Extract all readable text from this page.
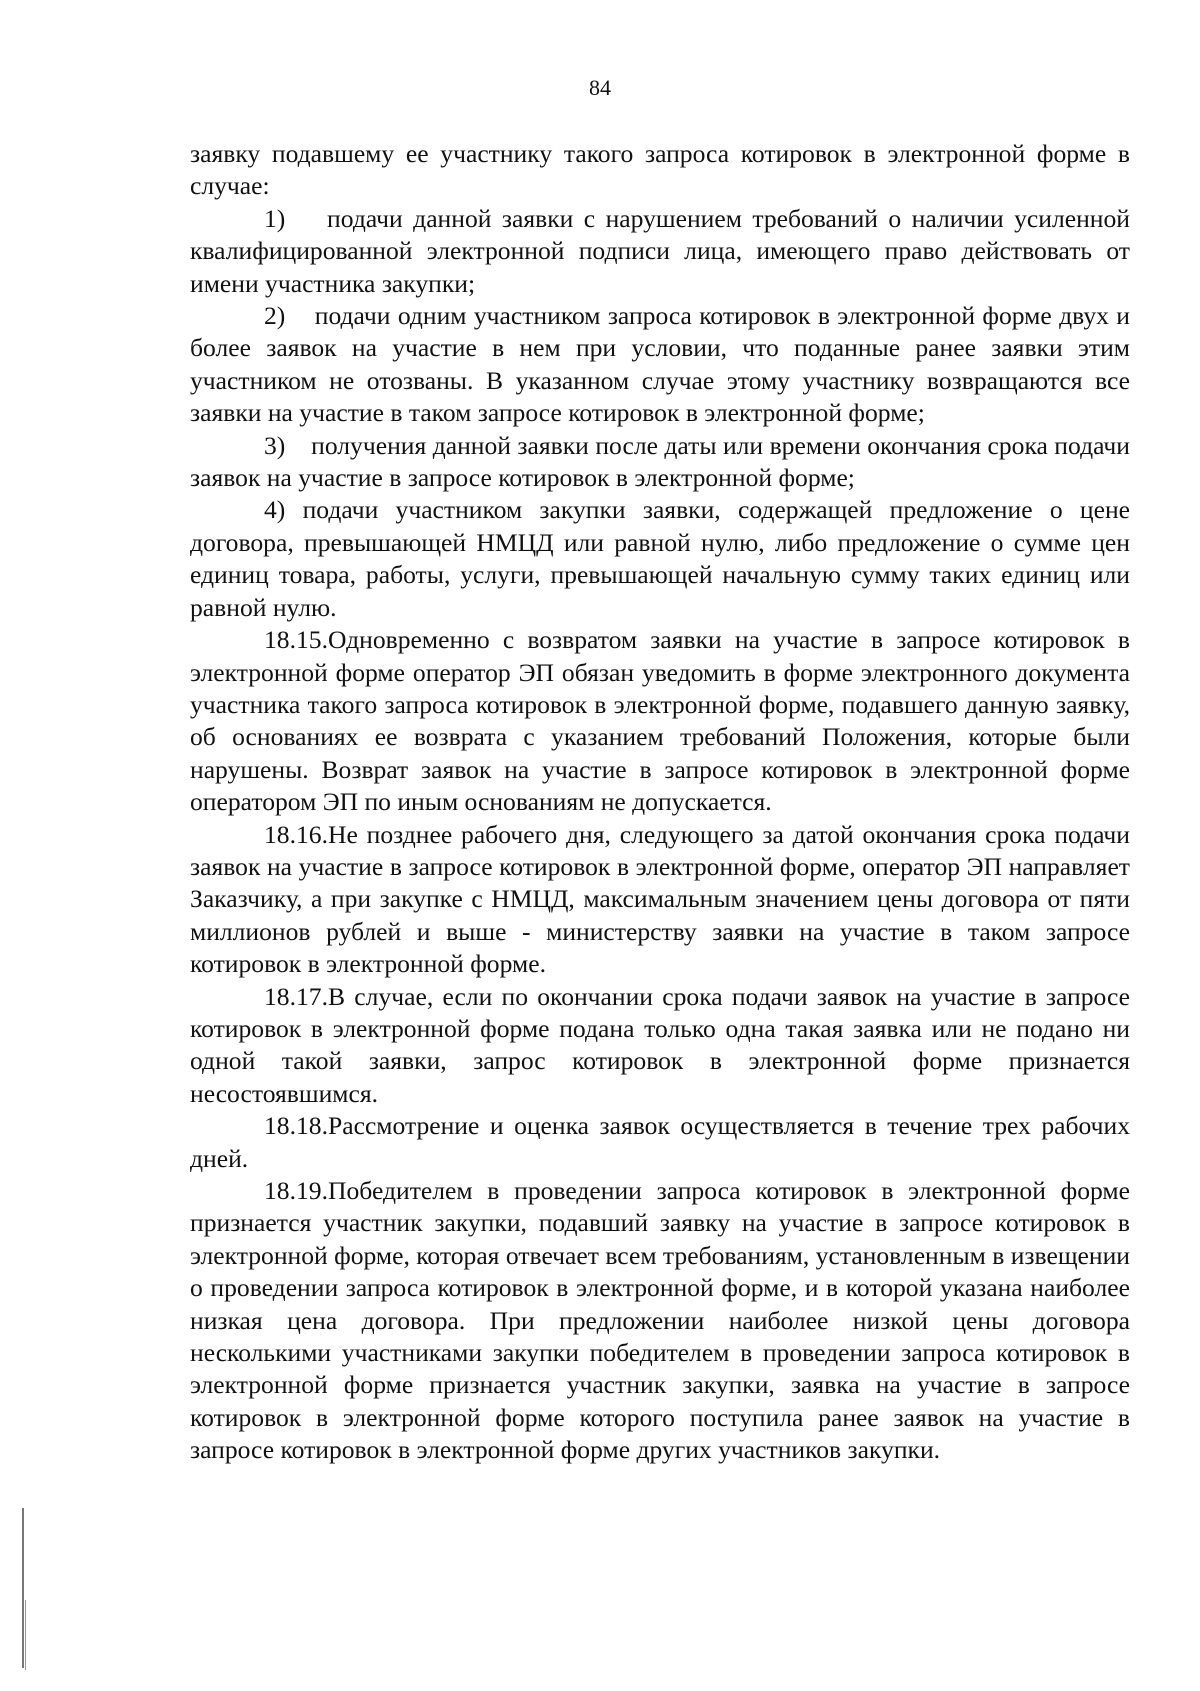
84

заявку подавшему ее участнику такого запроса котировок в электронной форме в случае:

1)    подачи данной заявки с нарушением требований о наличии усиленной квалифицированной электронной подписи лица, имеющего право действовать от имени участника закупки;

2)    подачи одним участником запроса котировок в электронной форме двух и более заявок на участие в нем при условии, что поданные ранее заявки этим участником не отозваны. В указанном случае этому участнику возвращаются все заявки на участие в таком запросе котировок в электронной форме;

3)    получения данной заявки после даты или времени окончания срока подачи заявок на участие в запросе котировок в электронной форме;

4) подачи участником закупки заявки, содержащей предложение о цене договора, превышающей НМЦД или равной нулю, либо предложение о сумме цен единиц товара, работы, услуги, превышающей начальную сумму таких единиц или равной нулю.

18.15.Одновременно с возвратом заявки на участие в запросе котировок в электронной форме оператор ЭП обязан уведомить в форме электронного документа участника такого запроса котировок в электронной форме, подавшего данную заявку, об основаниях ее возврата с указанием требований Положения, которые были нарушены. Возврат заявок на участие в запросе котировок в электронной форме оператором ЭП по иным основаниям не допускается.

18.16.Не позднее рабочего дня, следующего за датой окончания срока подачи заявок на участие в запросе котировок в электронной форме, оператор ЭП направляет Заказчику, а при закупке с НМЦД, максимальным значением цены договора от пяти миллионов рублей и выше - министерству заявки на участие в таком запросе котировок в электронной форме.

18.17.В случае, если по окончании срока подачи заявок на участие в запросе котировок в электронной форме подана только одна такая заявка или не подано ни одной такой заявки, запрос котировок в электронной форме признается несостоявшимся.

18.18.Рассмотрение и оценка заявок осуществляется в течение трех рабочих дней.

18.19.Победителем в проведении запроса котировок в электронной форме признается участник закупки, подавший заявку на участие в запросе котировок в электронной форме, которая отвечает всем требованиям, установленным в извещении о проведении запроса котировок в электронной форме, и в которой указана наиболее низкая цена договора. При предложении наиболее низкой цены договора несколькими участниками закупки победителем в проведении запроса котировок в электронной форме признается участник закупки, заявка на участие в запросе котировок в электронной форме которого поступила ранее заявок на участие в запросе котировок в электронной форме других участников закупки.
